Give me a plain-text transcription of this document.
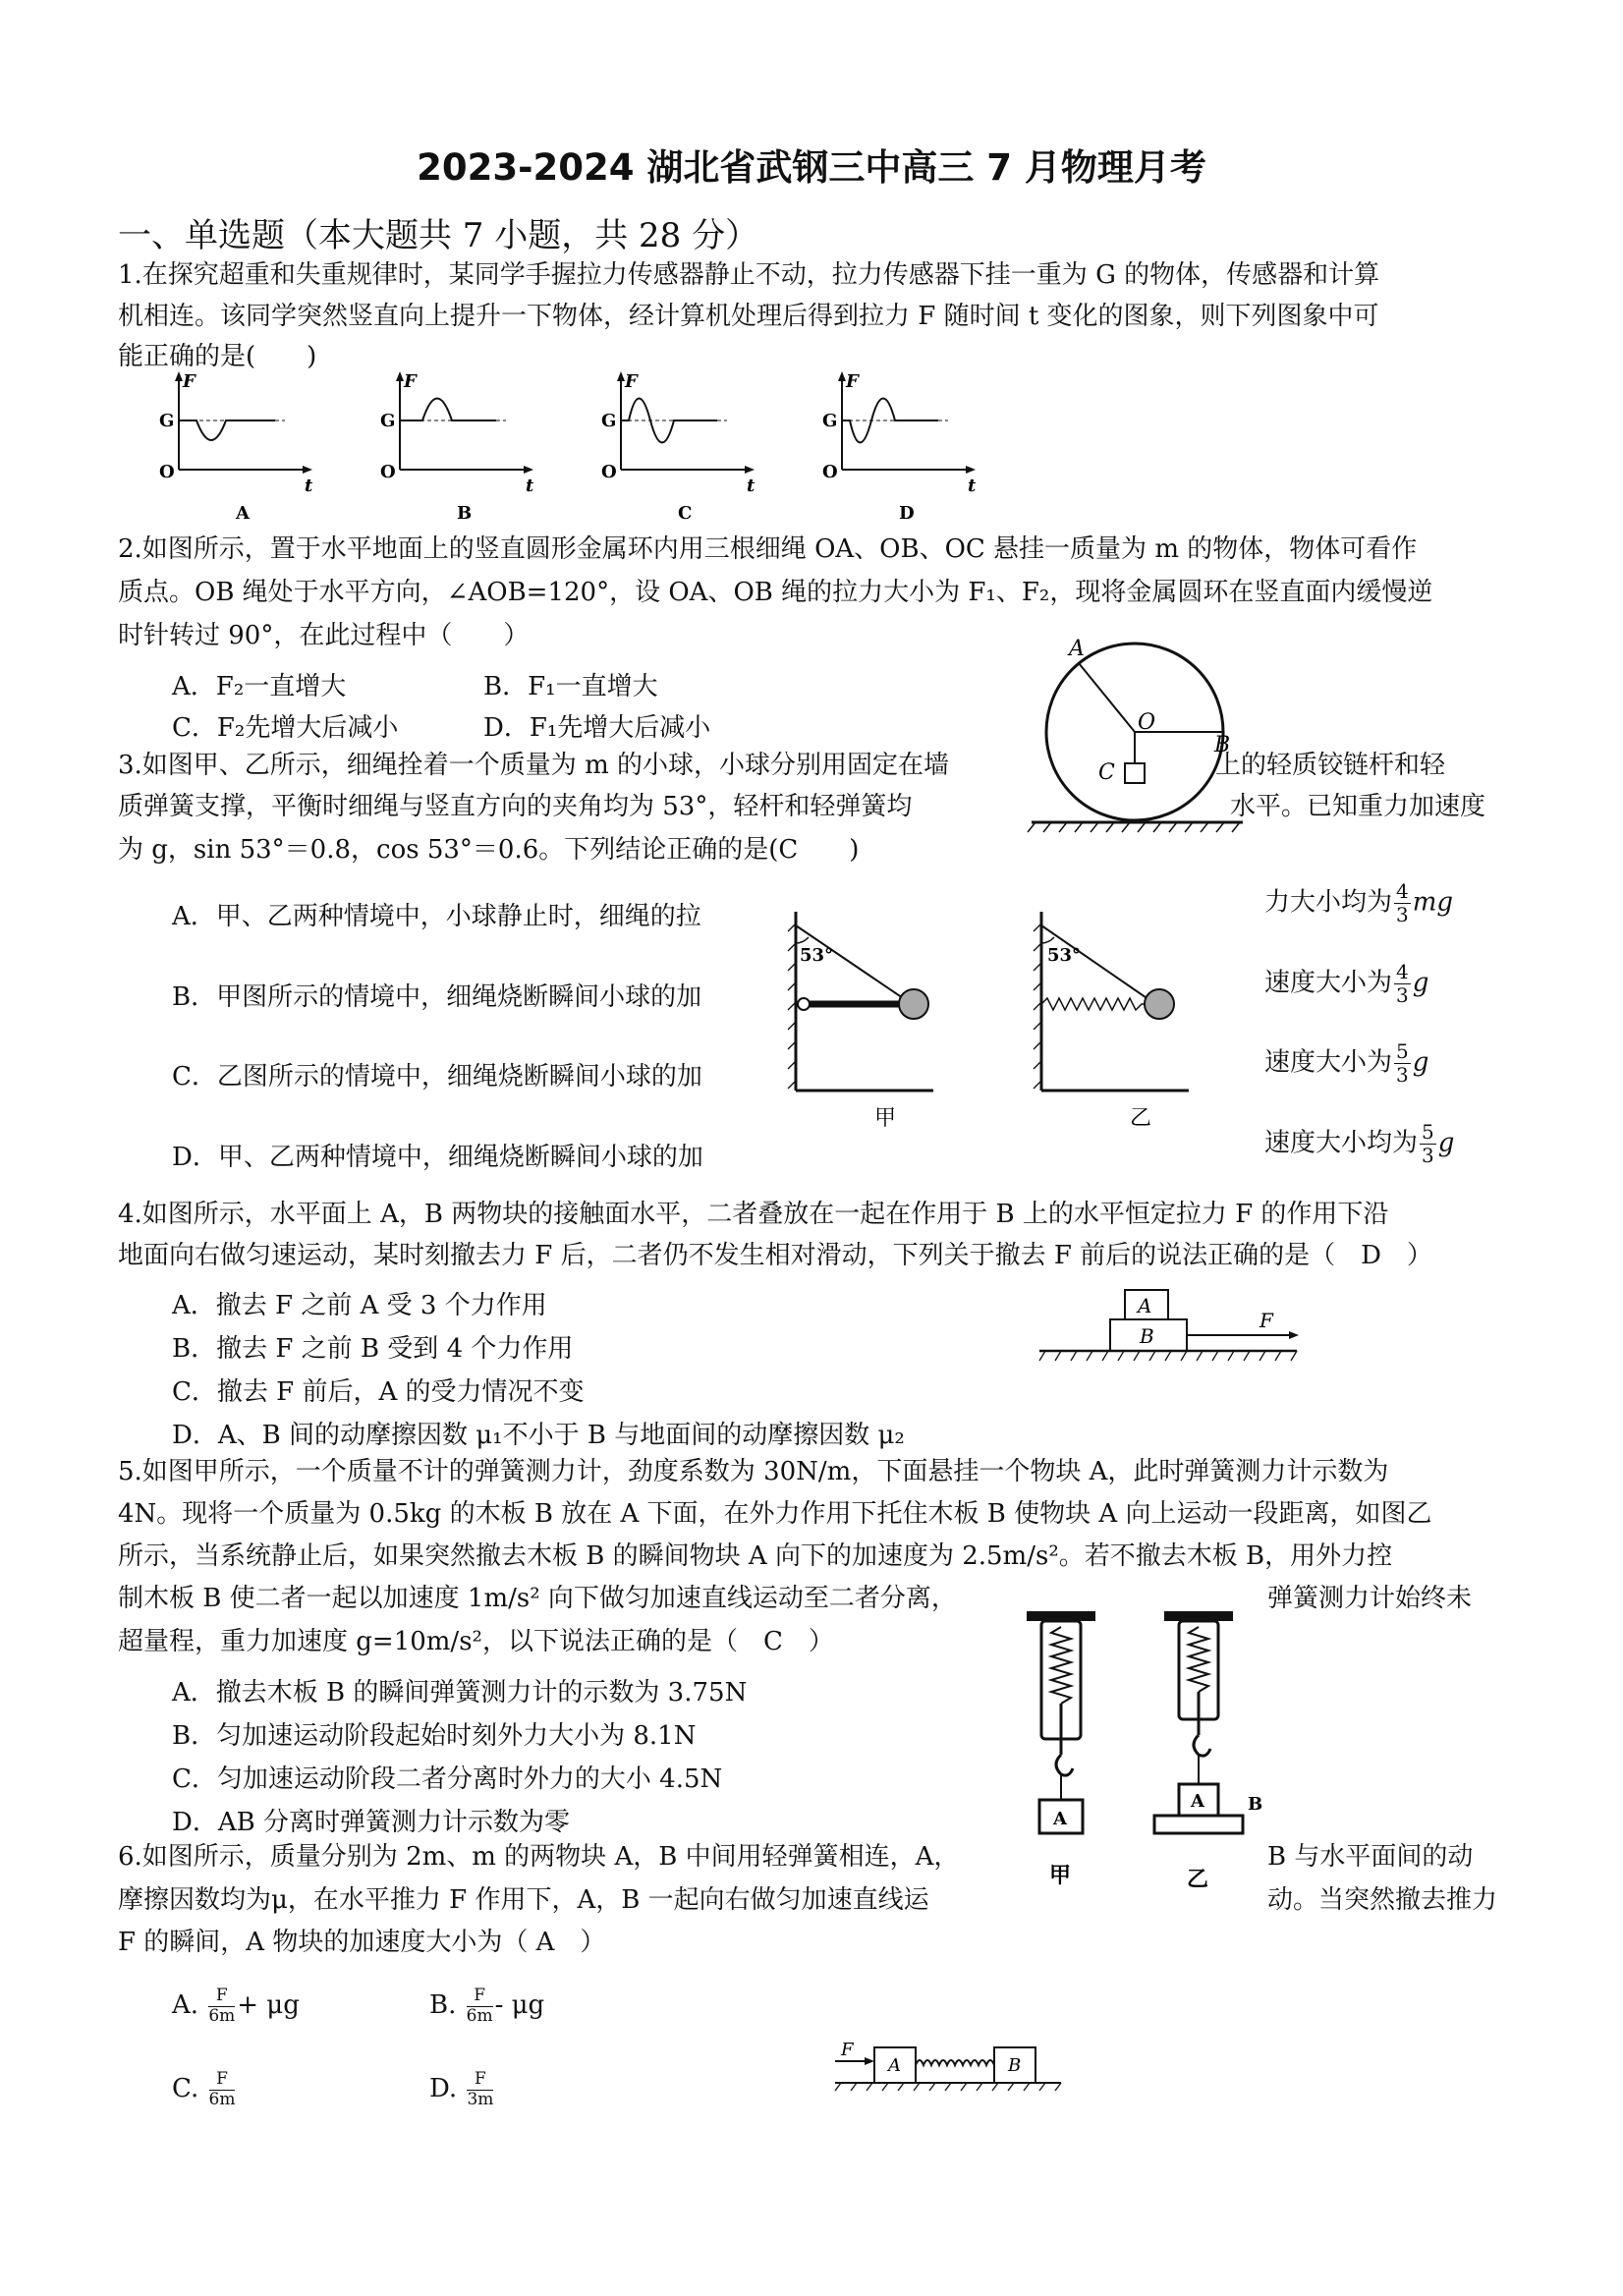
2023-2024 湖北省武钢三中高三 7 月物理月考
一、单选题（本大题共 7 小题，共 28 分）
1.在探究超重和失重规律时，某同学手握拉力传感器静止不动，拉力传感器下挂一重为 G 的物体，传感器和计算
机相连。该同学突然竖直向上提升一下物体，经计算机处理后得到拉力 F 随时间 t 变化的图象，则下列图象中可
能正确的是(　　)
F
G
O
t
A
F
G
O
t
B
F
G
O
t
C
F
G
O
t
D
2.如图所示，置于水平地面上的竖直圆形金属环内用三根细绳 OA、OB、OC 悬挂一质量为 m 的物体，物体可看作
质点。OB 绳处于水平方向，∠AOB=120°，设 OA、OB 绳的拉力大小为 F₁、F₂，现将金属圆环在竖直面内缓慢逆
时针转过 90°，在此过程中（　　）
A．F₂一直增大	B．F₁一直增大
C．F₂先增大后减小	D．F₁先增大后减小
A
O
B
C
3.如图甲、乙所示，细绳拴着一个质量为 m 的小球，小球分别用固定在墙	上的轻质铰链杆和轻
质弹簧支撑，平衡时细绳与竖直方向的夹角均为 53°，轻杆和轻弹簧均	水平。已知重力加速度
为 g，sin 53°＝0.8，cos 53°＝0.6。下列结论正确的是(C　　)
A．甲、乙两种情境中，小球静止时，细绳的拉	力大小均为 $\frac{4}{3}$ mg
B．甲图所示的情境中，细绳烧断瞬间小球的加	速度大小为 $\frac{4}{3}$ g
C．乙图所示的情境中，细绳烧断瞬间小球的加	速度大小为 $\frac{5}{3}$ g
D．甲、乙两种情境中，细绳烧断瞬间小球的加	速度大小均为 $\frac{5}{3}$ g
53°
甲
53°
乙
4.如图所示，水平面上 A，B 两物块的接触面水平，二者叠放在一起在作用于 B 上的水平恒定拉力 F 的作用下沿
地面向右做匀速运动，某时刻撤去力 F 后，二者仍不发生相对滑动，下列关于撤去 F 前后的说法正确的是（　D　）
A．撤去 F 之前 A 受 3 个力作用
B．撤去 F 之前 B 受到 4 个力作用
C．撤去 F 前后，A 的受力情况不变
D．A、B 间的动摩擦因数 μ₁不小于 B 与地面间的动摩擦因数 μ₂
A
B
F
5.如图甲所示，一个质量不计的弹簧测力计，劲度系数为 30N/m，下面悬挂一个物块 A，此时弹簧测力计示数为
4N。现将一个质量为 0.5kg 的木板 B 放在 A 下面，在外力作用下托住木板 B 使物块 A 向上运动一段距离，如图乙
所示，当系统静止后，如果突然撤去木板 B 的瞬间物块 A 向下的加速度为 2.5m/s²。若不撤去木板 B，用外力控
制木板 B 使二者一起以加速度 1m/s² 向下做匀加速直线运动至二者分离，	弹簧测力计始终未
超量程，重力加速度 g=10m/s²，以下说法正确的是（　C　）
A．撤去木板 B 的瞬间弹簧测力计的示数为 3.75N
B．匀加速运动阶段起始时刻外力大小为 8.1N
C．匀加速运动阶段二者分离时外力的大小 4.5N
D．AB 分离时弹簧测力计示数为零	A
甲
A B
乙
6.如图所示，质量分别为 2m、m 的两物块 A，B 中间用轻弹簧相连，A，	B 与水平面间的动
摩擦因数均为μ，在水平推力 F 作用下，A，B 一起向右做匀加速直线运	动。当突然撤去推力
F 的瞬间，A 物块的加速度大小为（ A　）
A. $\frac{F}{6m} + \mu g$	B. $\frac{F}{6m}$ - μg
C. $\frac{F}{6m}$	D. $\frac{F}{3m}$
F
A	B
